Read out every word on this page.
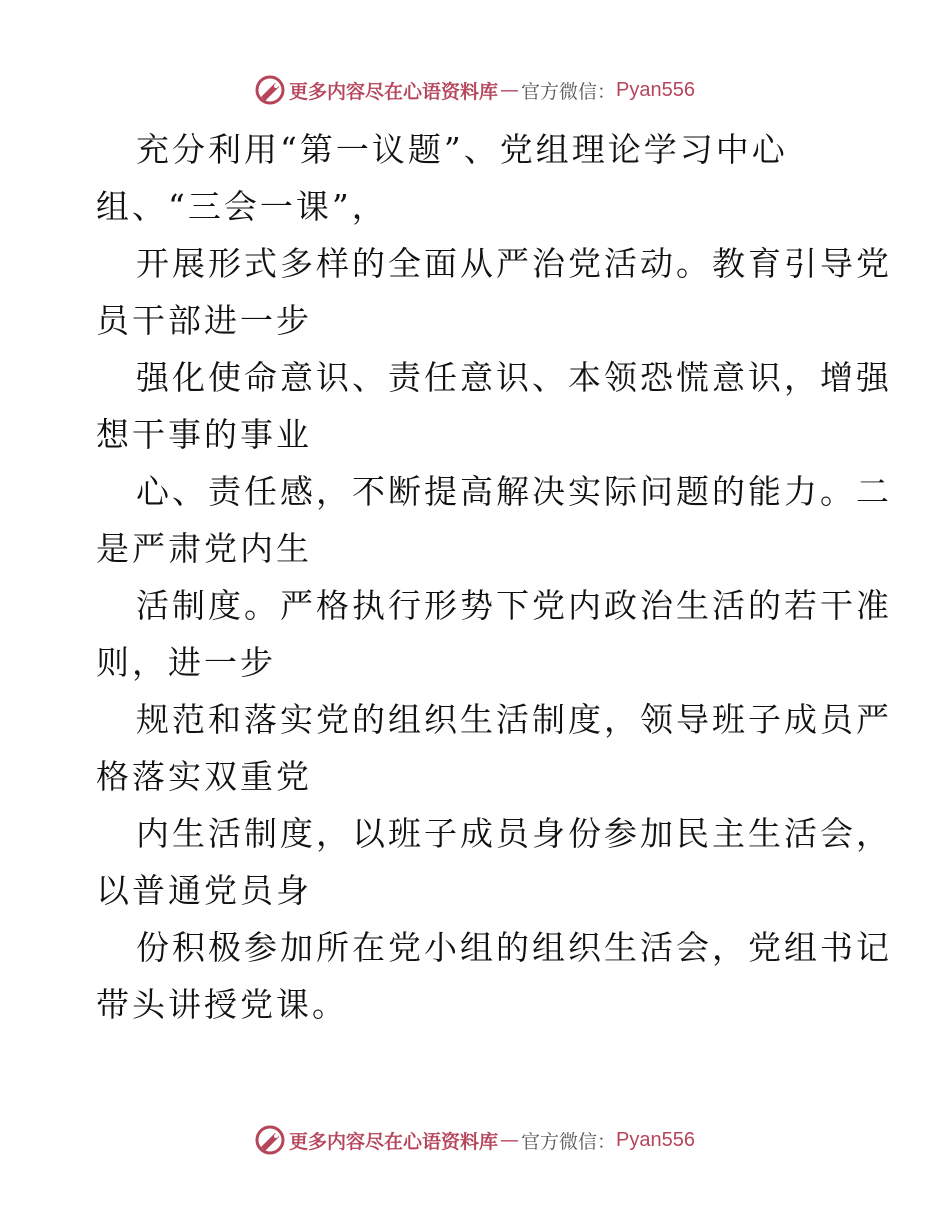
更多内容尽在心语资料库 — 官方微信： Pyan556
充分利用“第一议题”、党组理论学习中心
组、“三会一课”，
开展形式多样的全面从严治党活动。教育引导党
员干部进一步
强化使命意识、责任意识、本领恐慌意识，增强
想干事的事业
心、责任感，不断提高解决实际问题的能力。二
是严肃党内生
活制度。严格执行形势下党内政治生活的若干准
则，进一步
规范和落实党的组织生活制度，领导班子成员严
格落实双重党
内生活制度，以班子成员身份参加民主生活会，
以普通党员身
份积极参加所在党小组的组织生活会，党组书记
带头讲授党课。
更多内容尽在心语资料库 — 官方微信： Pyan556
